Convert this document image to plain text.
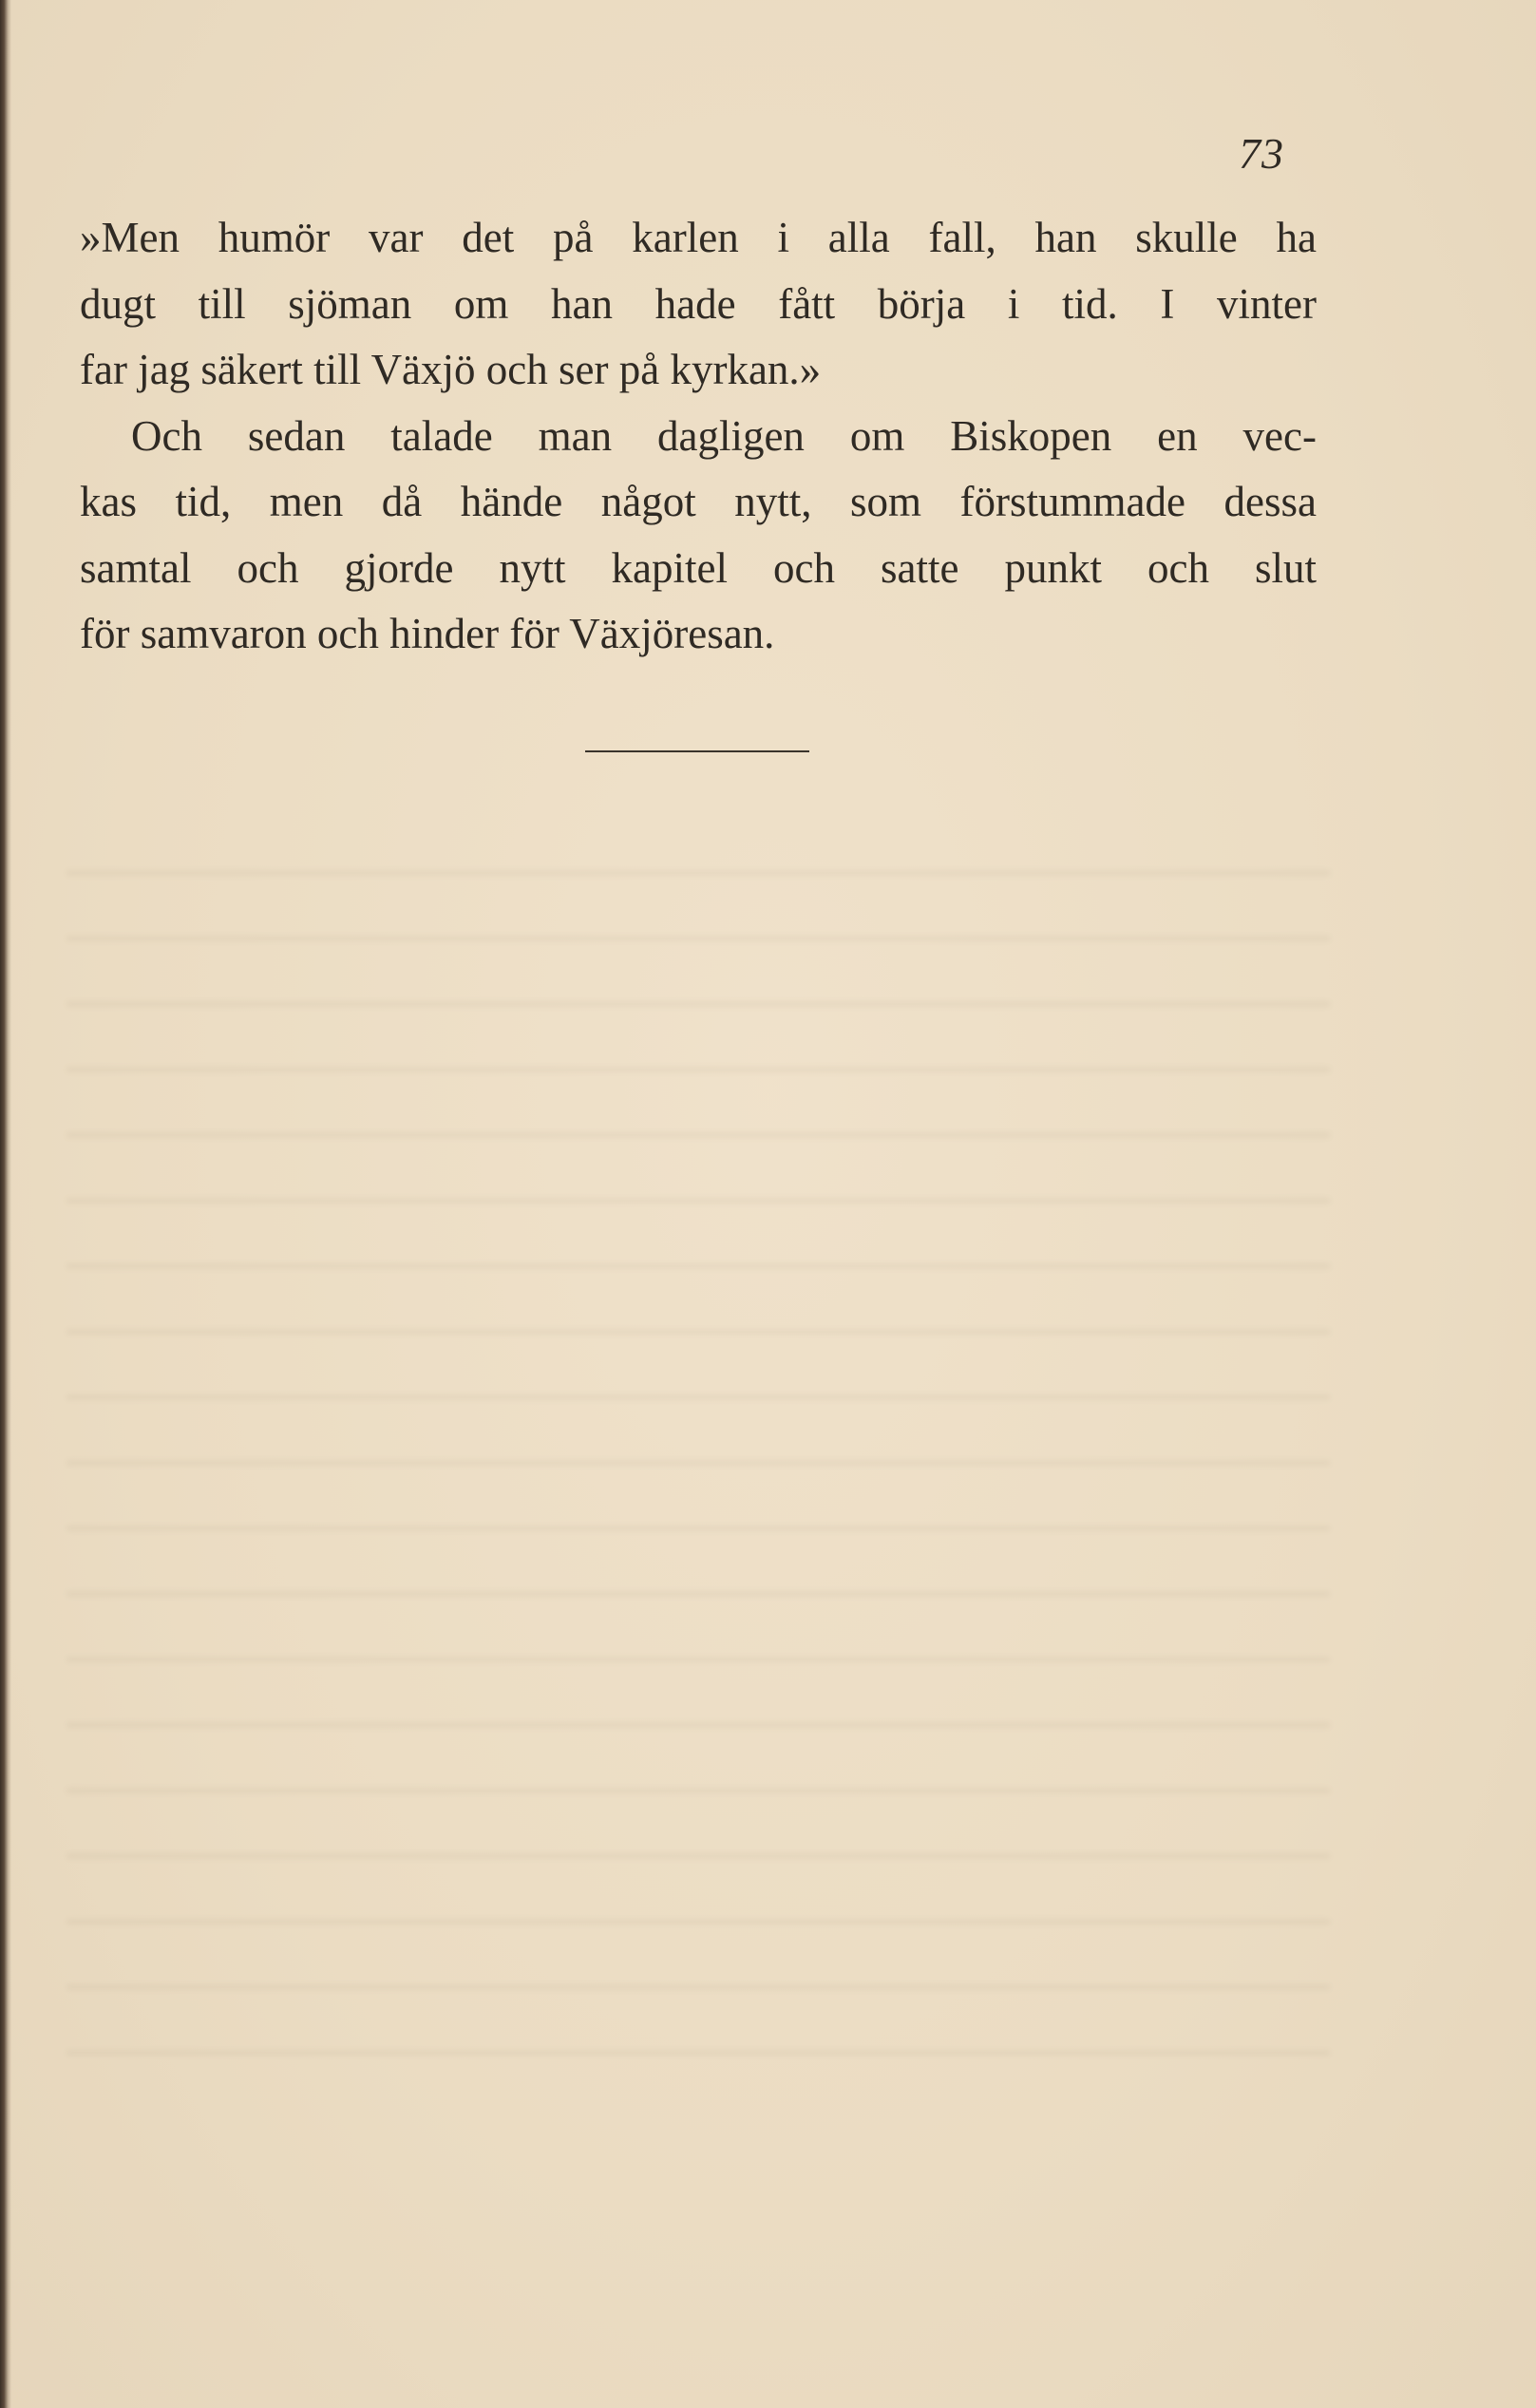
73
»Men humör var det på karlen i alla fall, han skulle ha
dugt till sjöman om han hade fått börja i tid. I vinter
far jag säkert till Växjö och ser på kyrkan.»
Och sedan talade man dagligen om Biskopen en vec-
kas tid, men då hände något nytt, som förstummade dessa
samtal och gjorde nytt kapitel och satte punkt och slut
för samvaron och hinder för Växjöresan.
